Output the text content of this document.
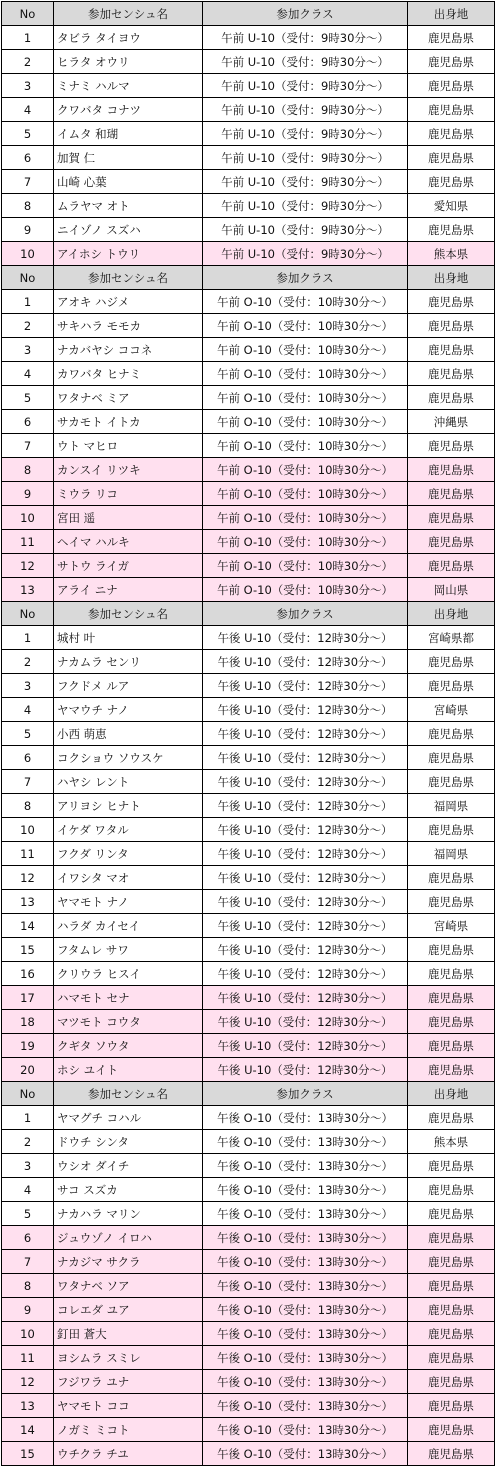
No	参加センシュ名	参加クラス	出身地
1	タビラ タイヨウ	午前 U-10（受付：9時30分〜）	鹿児島県
2	ヒラタ オウリ	午前 U-10（受付：9時30分〜）	鹿児島県
3	ミナミ ハルマ	午前 U-10（受付：9時30分〜）	鹿児島県
4	クワバタ コナツ	午前 U-10（受付：9時30分〜）	鹿児島県
5	イムタ 和瑚	午前 U-10（受付：9時30分〜）	鹿児島県
6	加賀 仁	午前 U-10（受付：9時30分〜）	鹿児島県
7	山崎 心葉	午前 U-10（受付：9時30分〜）	鹿児島県
8	ムラヤマ オト	午前 U-10（受付：9時30分〜）	愛知県
9	ニイゾノ スズハ	午前 U-10（受付：9時30分〜）	鹿児島県
10	アイホシ トウリ	午前 U-10（受付：9時30分〜）	熊本県
No	参加センシュ名	参加クラス	出身地
1	アオキ ハジメ	午前 O-10（受付：10時30分〜）	鹿児島県
2	サキハラ モモカ	午前 O-10（受付：10時30分〜）	鹿児島県
3	ナカバヤシ ココネ	午前 O-10（受付：10時30分〜）	鹿児島県
4	カワバタ ヒナミ	午前 O-10（受付：10時30分〜）	鹿児島県
5	ワタナベ ミア	午前 O-10（受付：10時30分〜）	鹿児島県
6	サカモト イトカ	午前 O-10（受付：10時30分〜）	沖縄県
7	ウト マヒロ	午前 O-10（受付：10時30分〜）	鹿児島県
8	カンスイ リツキ	午前 O-10（受付：10時30分〜）	鹿児島県
9	ミウラ リコ	午前 O-10（受付：10時30分〜）	鹿児島県
10	宮田 遥	午前 O-10（受付：10時30分〜）	鹿児島県
11	ヘイマ ハルキ	午前 O-10（受付：10時30分〜）	鹿児島県
12	サトウ ライガ	午前 O-10（受付：10時30分〜）	鹿児島県
13	アライ ニナ	午前 O-10（受付：10時30分〜）	岡山県
No	参加センシュ名	参加クラス	出身地
1	城村 叶	午後 U-10（受付：12時30分〜）	宮崎県都
2	ナカムラ センリ	午後 U-10（受付：12時30分〜）	鹿児島県
3	フクドメ ルア	午後 U-10（受付：12時30分〜）	鹿児島県
4	ヤマウチ ナノ	午後 U-10（受付：12時30分〜）	宮崎県
5	小西 萌恵	午後 U-10（受付：12時30分〜）	鹿児島県
6	コクショウ ソウスケ	午後 U-10（受付：12時30分〜）	鹿児島県
7	ハヤシ レント	午後 U-10（受付：12時30分〜）	鹿児島県
8	アリヨシ ヒナト	午後 U-10（受付：12時30分〜）	福岡県
10	イケダ ワタル	午後 U-10（受付：12時30分〜）	鹿児島県
11	フクダ リンタ	午後 U-10（受付：12時30分〜）	福岡県
12	イワシタ マオ	午後 U-10（受付：12時30分〜）	鹿児島県
13	ヤマモト ナノ	午後 U-10（受付：12時30分〜）	鹿児島県
14	ハラダ カイセイ	午後 U-10（受付：12時30分〜）	宮崎県
15	フタムレ サワ	午後 U-10（受付：12時30分〜）	鹿児島県
16	クリウラ ヒスイ	午後 U-10（受付：12時30分〜）	鹿児島県
17	ハマモト セナ	午後 U-10（受付：12時30分〜）	鹿児島県
18	マツモト コウタ	午後 U-10（受付：12時30分〜）	鹿児島県
19	クギタ ソウタ	午後 U-10（受付：12時30分〜）	鹿児島県
20	ホシ ユイト	午後 U-10（受付：12時30分〜）	鹿児島県
No	参加センシュ名	参加クラス	出身地
1	ヤマグチ コハル	午後 O-10（受付：13時30分〜）	鹿児島県
2	ドウチ シンタ	午後 O-10（受付：13時30分〜）	熊本県
3	ウシオ ダイチ	午後 O-10（受付：13時30分〜）	鹿児島県
4	サコ スズカ	午後 O-10（受付：13時30分〜）	鹿児島県
5	ナカハラ マリン	午後 O-10（受付：13時30分〜）	鹿児島県
6	ジュウゾノ イロハ	午後 O-10（受付：13時30分〜）	鹿児島県
7	ナカジマ サクラ	午後 O-10（受付：13時30分〜）	鹿児島県
8	ワタナベ ソア	午後 O-10（受付：13時30分〜）	鹿児島県
9	コレエダ ユア	午後 O-10（受付：13時30分〜）	鹿児島県
10	釘田 蒼大	午後 O-10（受付：13時30分〜）	鹿児島県
11	ヨシムラ スミレ	午後 O-10（受付：13時30分〜）	鹿児島県
12	フジワラ ユナ	午後 O-10（受付：13時30分〜）	鹿児島県
13	ヤマモト ココ	午後 O-10（受付：13時30分〜）	鹿児島県
14	ノガミ ミコト	午後 O-10（受付：13時30分〜）	鹿児島県
15	ウチクラ チユ	午後 O-10（受付：13時30分〜）	鹿児島県
